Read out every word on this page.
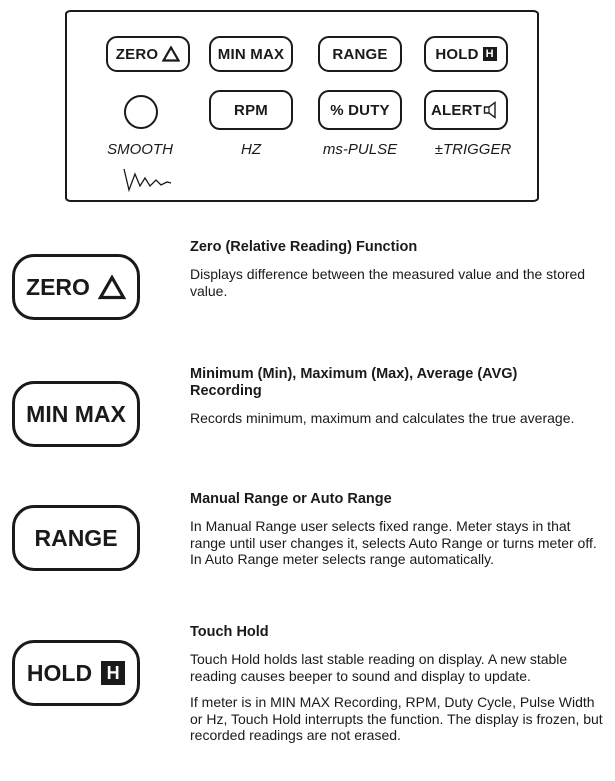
ZERO	MIN MAX	RANGE	HOLD H
RPM	% DUTY	ALERT
SMOOTH	HZ	ms-PULSE	±TRIGGER
ZERO
Zero (Relative Reading) Function

Displays difference between the measured value and the stored value.

MIN MAX
Minimum (Min), Maximum (Max), Average (AVG) Recording

Records minimum, maximum and calculates the true average.

RANGE
Manual Range or Auto Range

In Manual Range user selects fixed range. Meter stays in that range until user changes it, selects Auto Range or turns meter off. In Auto Range meter selects range automatically.

HOLD H
Touch Hold

Touch Hold holds last stable reading on display. A new stable reading causes beeper to sound and display to update.

If meter is in MIN MAX Recording, RPM, Duty Cycle, Pulse Width or Hz, Touch Hold interrupts the function. The display is frozen, but recorded readings are not erased.
